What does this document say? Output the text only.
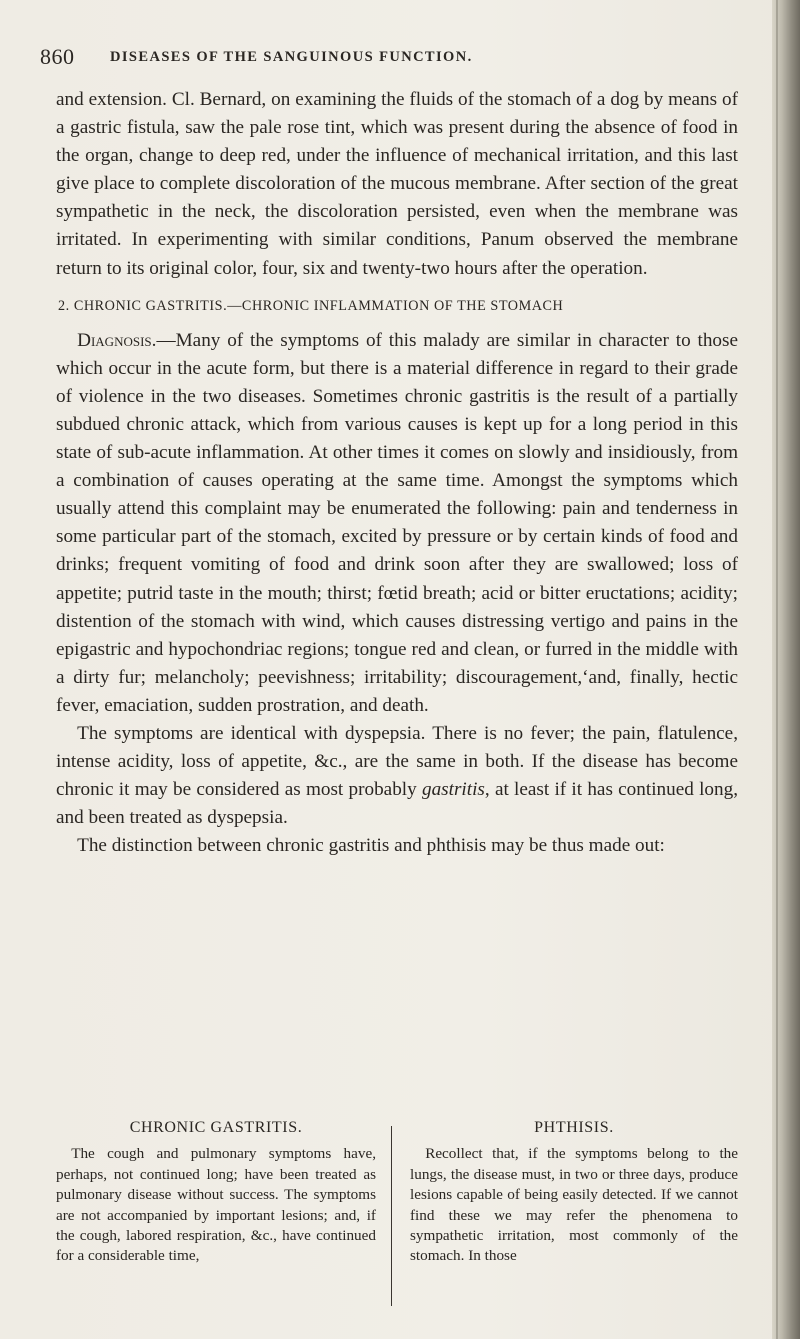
860 DISEASES OF THE SANGUINOUS FUNCTION.

and extension. Cl. Bernard, on examining the fluids of the stomach of a dog by means of a gastric fistula, saw the pale rose tint, which was present during the absence of food in the organ, change to deep red, under the influence of mechanical irritation, and this last give place to complete discoloration of the mucous membrane. After section of the great sympathetic in the neck, the discoloration persisted, even when the membrane was irritated. In experimenting with similar conditions, Panum observed the membrane return to its original color, four, six and twenty-two hours after the operation.

2. CHRONIC GASTRITIS.—CHRONIC INFLAMMATION OF THE STOMACH

Diagnosis.—Many of the symptoms of this malady are similar in character to those which occur in the acute form, but there is a material difference in regard to their grade of violence in the two diseases. Sometimes chronic gastritis is the result of a partially subdued chronic attack, which from various causes is kept up for a long period in this state of sub-acute inflammation. At other times it comes on slowly and insidiously, from a combination of causes operating at the same time. Amongst the symptoms which usually attend this complaint may be enumerated the following: pain and tenderness in some particular part of the stomach, excited by pressure or by certain kinds of food and drinks; frequent vomiting of food and drink soon after they are swallowed; loss of appetite; putrid taste in the mouth; thirst; fœtid breath; acid or bitter eructations; acidity; distention of the stomach with wind, which causes distressing vertigo and pains in the epigastric and hypochondriac regions; tongue red and clean, or furred in the middle with a dirty fur; melancholy; peevishness; irritability; discouragement,‘and, finally, hectic fever, emaciation, sudden prostration, and death.

The symptoms are identical with dyspepsia. There is no fever; the pain, flatulence, intense acidity, loss of appetite, &c., are the same in both. If the disease has become chronic it may be considered as most probably gastritis, at least if it has continued long, and been treated as dyspepsia.

The distinction between chronic gastritis and phthisis may be thus made out:

CHRONIC GASTRITIS.

The cough and pulmonary symptoms have, perhaps, not continued long; have been treated as pulmonary disease without success. The symptoms are not accompanied by important lesions; and, if the cough, labored respiration, &c., have continued for a considerable time,

PHTHISIS.

Recollect that, if the symptoms belong to the lungs, the disease must, in two or three days, produce lesions capable of being easily detected. If we cannot find these we may refer the phenomena to sympathetic irritation, most commonly of the stomach. In those
